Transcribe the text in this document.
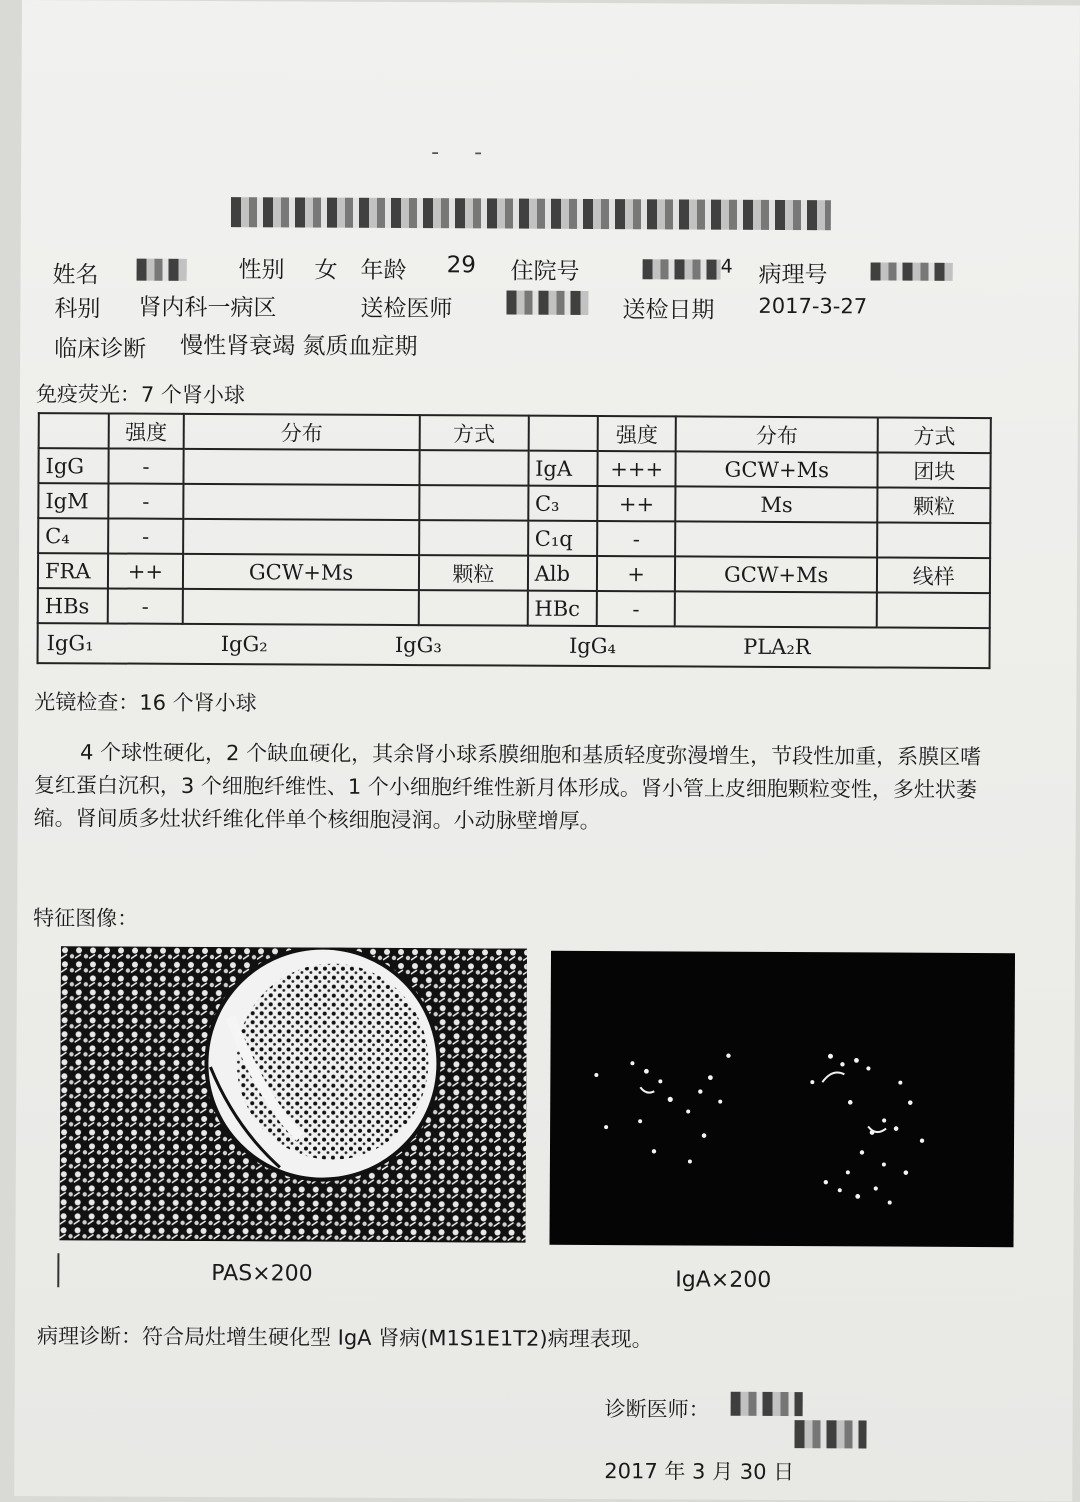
-     -
姓名	性别 女 年龄 29 住院号	4 病理号
科别 肾内科一病区	送检医师	送检日期 2017-3-27
临床诊断 慢性肾衰竭 氮质血症期
免疫荧光：7 个肾小球
	强度	分布	方式		强度	分布	方式
IgG	-			IgA	+++	GCW+Ms	团块
IgM	-			C₃	++	Ms	颗粒
C₄	-			C₁q	-		
FRA	++	GCW+Ms	颗粒	Alb	+	GCW+Ms	线样
HBs	-			HBc	-		

IgG₁ IgG₂ IgG₃ IgG₄ PLA₂R							
光镜检查：16 个肾小球
4 个球性硬化，2 个缺血硬化，其余肾小球系膜细胞和基质轻度弥漫增生，节段性加重，系膜区嗜复红蛋白沉积，3 个细胞纤维性、1 个小细胞纤维性新月体形成。肾小管上皮细胞颗粒变性，多灶状萎缩。肾间质多灶状纤维化伴单个核细胞浸润。小动脉壁增厚。
特征图像：
PAS×200	IgA×200
病理诊断：符合局灶增生硬化型 IgA 肾病(M1S1E1T2)病理表现。
诊断医师：
2017 年 3 月 30 日
